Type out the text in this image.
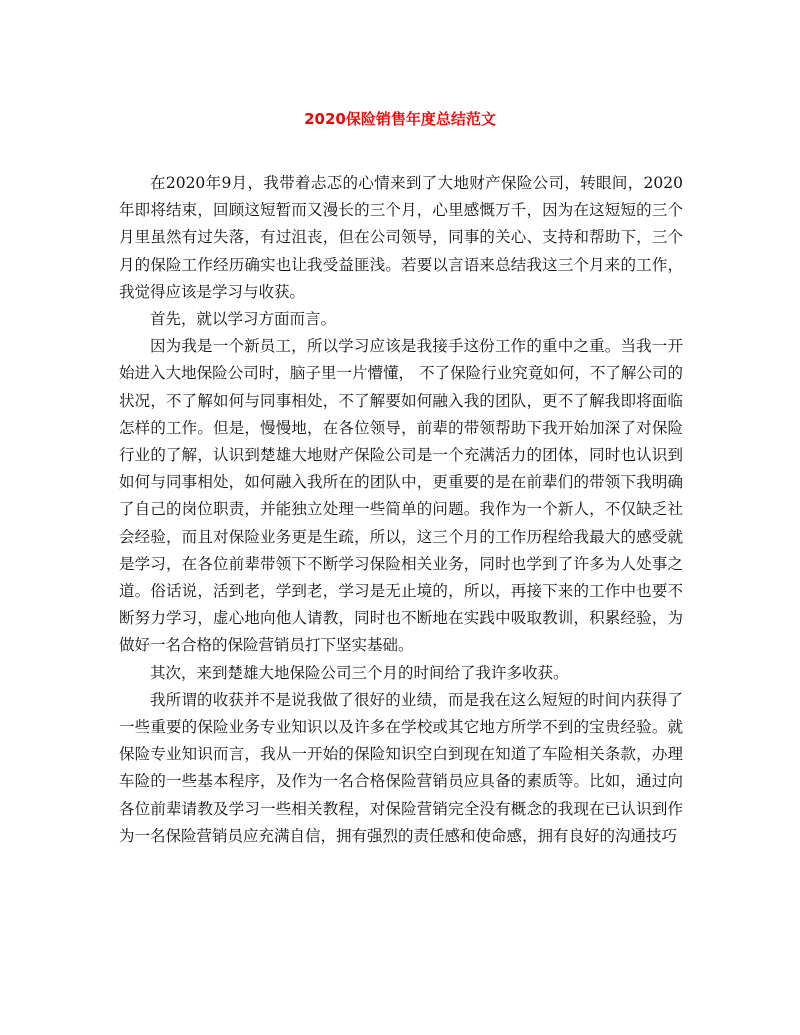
2020保险销售年度总结范文

在2020年9月，我带着忐忑的心情来到了大地财产保险公司，转眼间，2020年即将结束，回顾这短暂而又漫长的三个月，心里感慨万千，因为在这短短的三个月里虽然有过失落，有过沮丧，但在公司领导，同事的关心、支持和帮助下，三个月的保险工作经历确实也让我受益匪浅。若要以言语来总结我这三个月来的工作，我觉得应该是学习与收获。

首先，就以学习方面而言。

因为我是一个新员工，所以学习应该是我接手这份工作的重中之重。当我一开始进入大地保险公司时，脑子里一片懵懂， 不了保险行业究竟如何，不了解公司的状况，不了解如何与同事相处，不了解要如何融入我的团队，更不了解我即将面临怎样的工作。但是，慢慢地，在各位领导，前辈的带领帮助下我开始加深了对保险行业的了解，认识到楚雄大地财产保险公司是一个充满活力的团体，同时也认识到如何与同事相处，如何融入我所在的团队中，更重要的是在前辈们的带领下我明确了自己的岗位职责，并能独立处理一些简单的问题。我作为一个新人，不仅缺乏社会经验，而且对保险业务更是生疏，所以，这三个月的工作历程给我最大的感受就是学习，在各位前辈带领下不断学习保险相关业务，同时也学到了许多为人处事之道。俗话说，活到老，学到老，学习是无止境的，所以，再接下来的工作中也要不断努力学习，虚心地向他人请教，同时也不断地在实践中吸取教训，积累经验，为做好一名合格的保险营销员打下坚实基础。

其次，来到楚雄大地保险公司三个月的时间给了我许多收获。

我所谓的收获并不是说我做了很好的业绩，而是我在这么短短的时间内获得了一些重要的保险业务专业知识以及许多在学校或其它地方所学不到的宝贵经验。就保险专业知识而言，我从一开始的保险知识空白到现在知道了车险相关条款，办理车险的一些基本程序，及作为一名合格保险营销员应具备的素质等。比如，通过向各位前辈请教及学习一些相关教程，对保险营销完全没有概念的我现在已认识到作为一名保险营销员应充满自信，拥有强烈的责任感和使命感，拥有良好的沟通技巧
